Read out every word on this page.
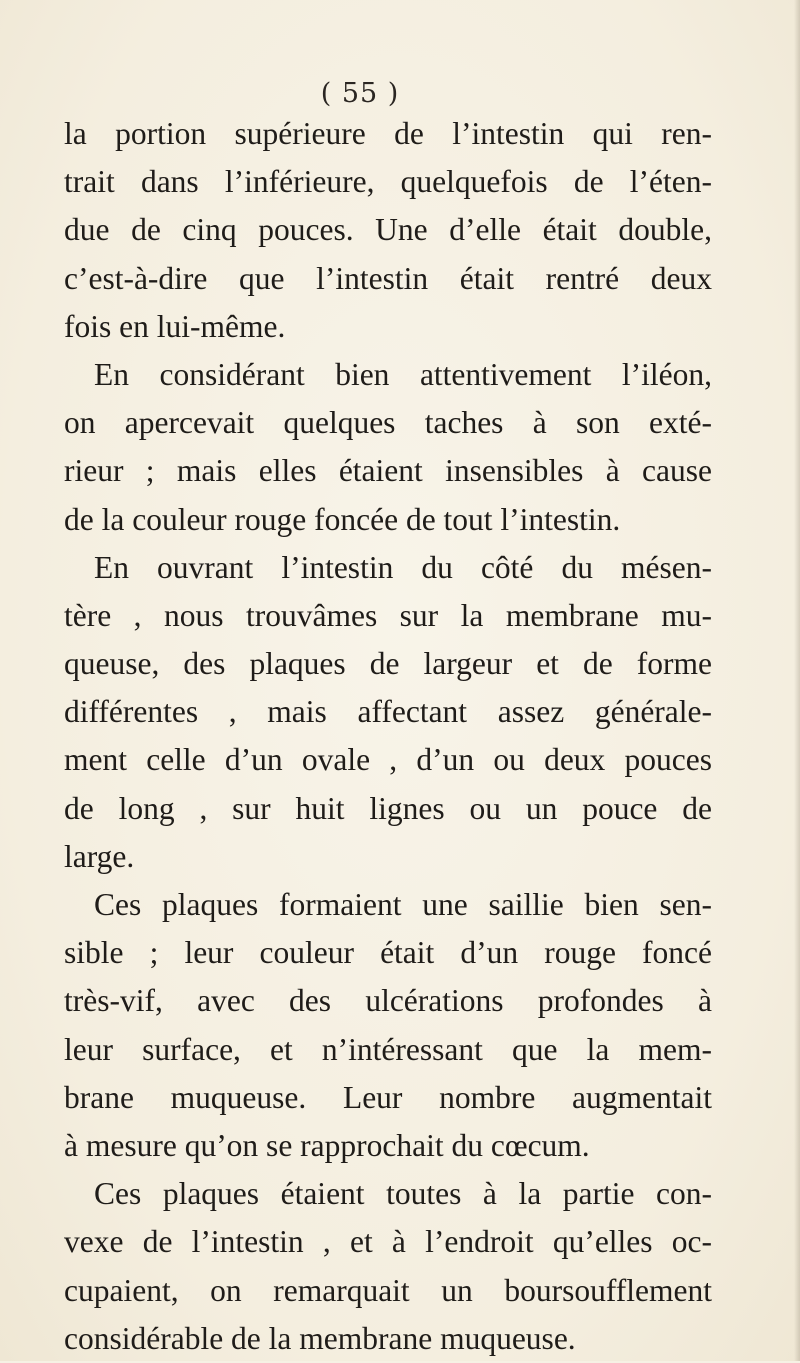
( 55 )
la portion supérieure de l’intestin qui ren-
trait dans l’inférieure, quelquefois de l’éten-
due de cinq pouces. Une d’elle était double,
c’est-à-dire que l’intestin était rentré deux
fois en lui-même.
En considérant bien attentivement l’iléon,
on apercevait quelques taches à son exté-
rieur ; mais elles étaient insensibles à cause
de la couleur rouge foncée de tout l’intestin.
En ouvrant l’intestin du côté du mésen-
tère , nous trouvâmes sur la membrane mu-
queuse, des plaques de largeur et de forme
différentes , mais affectant assez générale-
ment celle d’un ovale , d’un ou deux pouces
de long , sur huit lignes ou un pouce de
large.
Ces plaques formaient une saillie bien sen-
sible ; leur couleur était d’un rouge foncé
très-vif, avec des ulcérations profondes à
leur surface, et n’intéressant que la mem-
brane muqueuse. Leur nombre augmentait
à mesure qu’on se rapprochait du cœcum.
Ces plaques étaient toutes à la partie con-
vexe de l’intestin , et à l’endroit qu’elles oc-
cupaient, on remarquait un boursoufflement
considérable de la membrane muqueuse.
